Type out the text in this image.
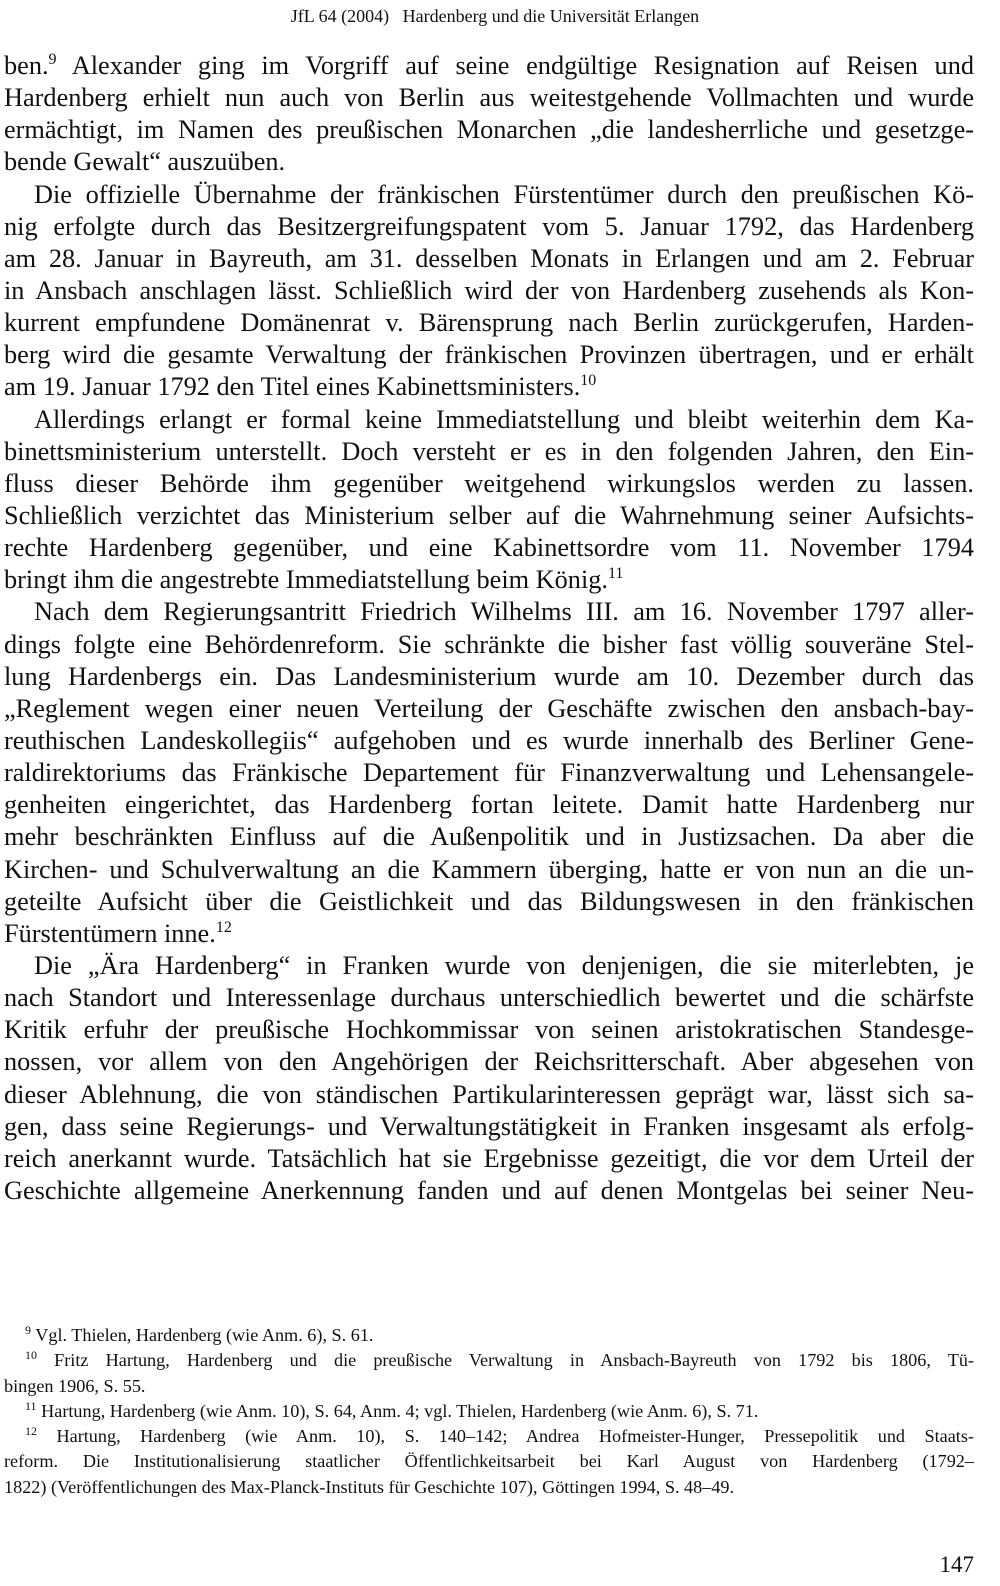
JfL 64 (2004)   Hardenberg und die Universität Erlangen
ben.$^9$ Alexander ging im Vorgriff auf seine endgültige Resignation auf Reisen und
Hardenberg erhielt nun auch von Berlin aus weitestgehende Vollmachten und wurde
ermächtigt, im Namen des preußischen Monarchen „die landesherrliche und gesetzge-
bende Gewalt“ auszuüben.
Die offizielle Übernahme der fränkischen Fürstentümer durch den preußischen Kö-
nig erfolgte durch das Besitzergreifungspatent vom 5. Januar 1792, das Hardenberg
am 28. Januar in Bayreuth, am 31. desselben Monats in Erlangen und am 2. Februar
in Ansbach anschlagen lässt. Schließlich wird der von Hardenberg zusehends als Kon-
kurrent empfundene Domänenrat v. Bärensprung nach Berlin zurückgerufen, Harden-
berg wird die gesamte Verwaltung der fränkischen Provinzen übertragen, und er erhält
am 19. Januar 1792 den Titel eines Kabinettsministers.$^{10}$
Allerdings erlangt er formal keine Immediatstellung und bleibt weiterhin dem Ka-
binettsministerium unterstellt. Doch versteht er es in den folgenden Jahren, den Ein-
fluss dieser Behörde ihm gegenüber weitgehend wirkungslos werden zu lassen.
Schließlich verzichtet das Ministerium selber auf die Wahrnehmung seiner Aufsichts-
rechte Hardenberg gegenüber, und eine Kabinettsordre vom 11. November 1794
bringt ihm die angestrebte Immediatstellung beim König.$^{11}$
Nach dem Regierungsantritt Friedrich Wilhelms III. am 16. November 1797 aller-
dings folgte eine Behördenreform. Sie schränkte die bisher fast völlig souveräne Stel-
lung Hardenbergs ein. Das Landesministerium wurde am 10. Dezember durch das
„Reglement wegen einer neuen Verteilung der Geschäfte zwischen den ansbach-bay-
reuthischen Landeskollegiis“ aufgehoben und es wurde innerhalb des Berliner Gene-
raldirektoriums das Fränkische Departement für Finanzverwaltung und Lehensangele-
genheiten eingerichtet, das Hardenberg fortan leitete. Damit hatte Hardenberg nur
mehr beschränkten Einfluss auf die Außenpolitik und in Justizsachen. Da aber die
Kirchen- und Schulverwaltung an die Kammern überging, hatte er von nun an die un-
geteilte Aufsicht über die Geistlichkeit und das Bildungswesen in den fränkischen
Fürstentümern inne.$^{12}$
Die „Ära Hardenberg“ in Franken wurde von denjenigen, die sie miterlebten, je
nach Standort und Interessenlage durchaus unterschiedlich bewertet und die schärfste
Kritik erfuhr der preußische Hochkommissar von seinen aristokratischen Standesge-
nossen, vor allem von den Angehörigen der Reichsritterschaft. Aber abgesehen von
dieser Ablehnung, die von ständischen Partikularinteressen geprägt war, lässt sich sa-
gen, dass seine Regierungs- und Verwaltungstätigkeit in Franken insgesamt als erfolg-
reich anerkannt wurde. Tatsächlich hat sie Ergebnisse gezeitigt, die vor dem Urteil der
Geschichte allgemeine Anerkennung fanden und auf denen Montgelas bei seiner Neu-
$^9$ Vgl. Thielen, Hardenberg (wie Anm. 6), S. 61.
$^{10}$ Fritz Hartung, Hardenberg und die preußische Verwaltung in Ansbach-Bayreuth von 1792 bis 1806, Tü-
bingen 1906, S. 55.
$^{11}$ Hartung, Hardenberg (wie Anm. 10), S. 64, Anm. 4; vgl. Thielen, Hardenberg (wie Anm. 6), S. 71.
$^{12}$ Hartung, Hardenberg (wie Anm. 10), S. 140–142; Andrea Hofmeister-Hunger, Pressepolitik und Staats-
reform. Die Institutionalisierung staatlicher Öffentlichkeitsarbeit bei Karl August von Hardenberg (1792–
1822) (Veröffentlichungen des Max-Planck-Instituts für Geschichte 107), Göttingen 1994, S. 48–49.
147
